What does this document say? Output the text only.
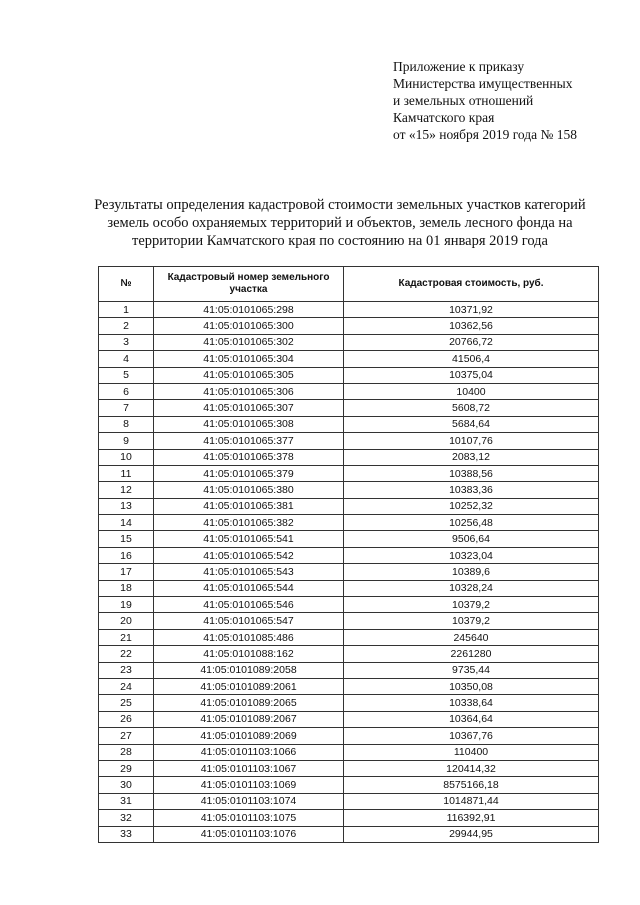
Приложение к приказу
Министерства имущественных
и земельных отношений
Камчатского края
от «15» ноября 2019 года № 158
Результаты определения кадастровой стоимости земельных участков категорий
земель особо охраняемых территорий и объектов, земель лесного фонда на
территории Камчатского края по состоянию на 01 января 2019 года
№	Кадастровый номер земельного участка	Кадастровая стоимость, руб.
1	41:05:0101065:298	10371,92
2	41:05:0101065:300	10362,56
3	41:05:0101065:302	20766,72
4	41:05:0101065:304	41506,4
5	41:05:0101065:305	10375,04
6	41:05:0101065:306	10400
7	41:05:0101065:307	5608,72
8	41:05:0101065:308	5684,64
9	41:05:0101065:377	10107,76
10	41:05:0101065:378	2083,12
11	41:05:0101065:379	10388,56
12	41:05:0101065:380	10383,36
13	41:05:0101065:381	10252,32
14	41:05:0101065:382	10256,48
15	41:05:0101065:541	9506,64
16	41:05:0101065:542	10323,04
17	41:05:0101065:543	10389,6
18	41:05:0101065:544	10328,24
19	41:05:0101065:546	10379,2
20	41:05:0101065:547	10379,2
21	41:05:0101085:486	245640
22	41:05:0101088:162	2261280
23	41:05:0101089:2058	9735,44
24	41:05:0101089:2061	10350,08
25	41:05:0101089:2065	10338,64
26	41:05:0101089:2067	10364,64
27	41:05:0101089:2069	10367,76
28	41:05:0101103:1066	110400
29	41:05:0101103:1067	120414,32
30	41:05:0101103:1069	8575166,18
31	41:05:0101103:1074	1014871,44
32	41:05:0101103:1075	116392,91
33	41:05:0101103:1076	29944,95
